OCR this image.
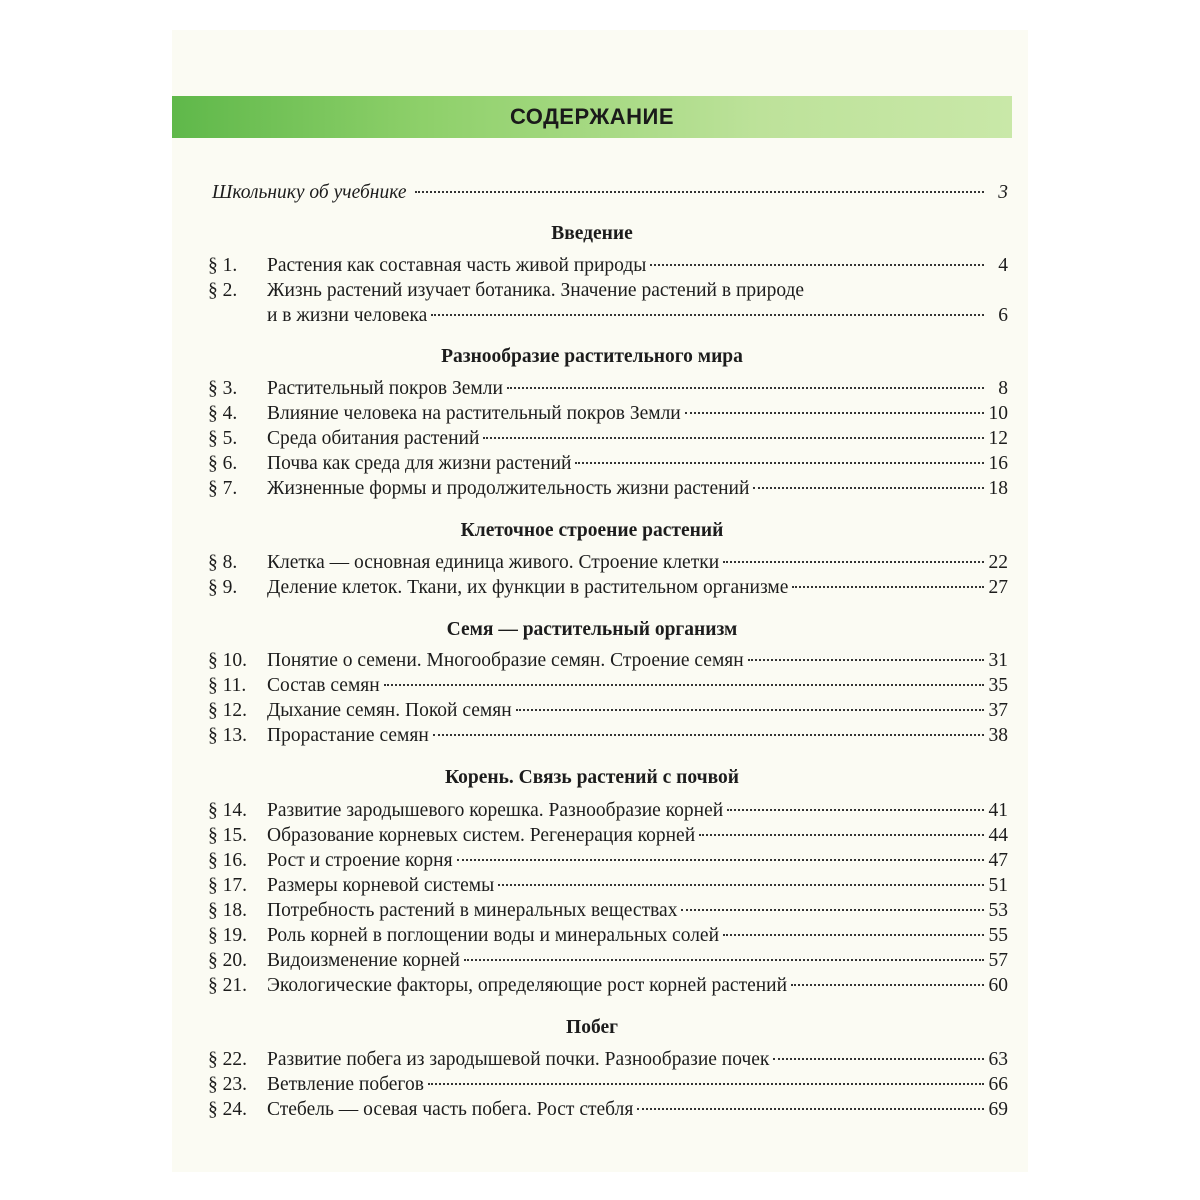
СОДЕРЖАНИЕ
Школьнику об учебнике	3
Введение
§ 1.	Растения как составная часть живой природы	4
§ 2.	Жизнь растений изучает ботаника. Значение растений в природе
и в жизни человека	6
Разнообразие растительного мира
§ 3.	Растительный покров Земли	8
§ 4.	Влияние человека на растительный покров Земли	10
§ 5.	Среда обитания растений	12
§ 6.	Почва как среда для жизни растений	16
§ 7.	Жизненные формы и продолжительность жизни растений	18
Клеточное строение растений
§ 8.	Клетка — основная единица живого. Строение клетки	22
§ 9.	Деление клеток. Ткани, их функции в растительном организме	27
Семя — растительный организм
§ 10.	Понятие о семени. Многообразие семян. Строение семян	31
§ 11.	Состав семян	35
§ 12.	Дыхание семян. Покой семян	37
§ 13.	Прорастание семян	38
Корень. Связь растений с почвой
§ 14.	Развитие зародышевого корешка. Разнообразие корней	41
§ 15.	Образование корневых систем. Регенерация корней	44
§ 16.	Рост и строение корня	47
§ 17.	Размеры корневой системы	51
§ 18.	Потребность растений в минеральных веществах	53
§ 19.	Роль корней в поглощении воды и минеральных солей	55
§ 20.	Видоизменение корней	57
§ 21.	Экологические факторы, определяющие рост корней растений	60
Побег
§ 22.	Развитие побега из зародышевой почки. Разнообразие почек	63
§ 23.	Ветвление побегов	66
§ 24.	Стебель — осевая часть побега. Рост стебля	69
